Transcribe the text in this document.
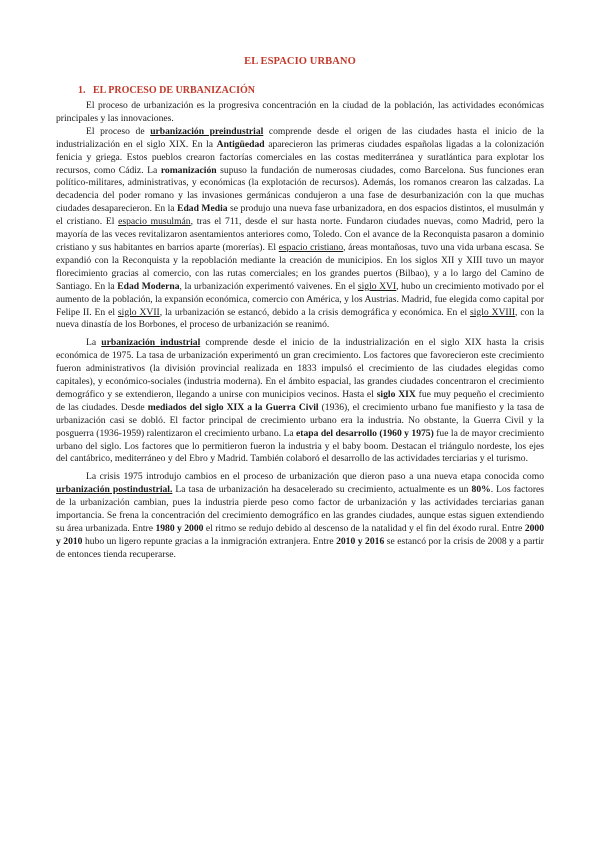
EL ESPACIO URBANO
1. EL PROCESO DE URBANIZACIÓN

El proceso de urbanización es la progresiva concentración en la ciudad de la población, las actividades económicas principales y las innovaciones.

El proceso de urbanización preindustrial comprende desde el origen de las ciudades hasta el inicio de la industrialización en el siglo XIX. En la Antigüedad aparecieron las primeras ciudades españolas ligadas a la colonización fenicia y griega. Estos pueblos crearon factorías comerciales en las costas mediterránea y suratlántica para explotar los recursos, como Cádiz. La romanización supuso la fundación de numerosas ciudades, como Barcelona. Sus funciones eran político-militares, administrativas, y económicas (la explotación de recursos). Además, los romanos crearon las calzadas. La decadencia del poder romano y las invasiones germánicas condujeron a una fase de desurbanización con la que muchas ciudades desaparecieron. En la Edad Media se produjo una nueva fase urbanizadora, en dos espacios distintos, el musulmán y el cristiano. El espacio musulmán, tras el 711, desde el sur hasta norte. Fundaron ciudades nuevas, como Madrid, pero la mayoría de las veces revitalizaron asentamientos anteriores como, Toledo. Con el avance de la Reconquista pasaron a dominio cristiano y sus habitantes en barrios aparte (morerías). El espacio cristiano, áreas montañosas, tuvo una vida urbana escasa. Se expandió con la Reconquista y la repoblación mediante la creación de municipios. En los siglos XII y XIII tuvo un mayor florecimiento gracias al comercio, con las rutas comerciales; en los grandes puertos (Bilbao), y a lo largo del Camino de Santiago. En la Edad Moderna, la urbanización experimentó vaivenes. En el siglo XVI, hubo un crecimiento motivado por el aumento de la población, la expansión económica, comercio con América, y los Austrias. Madrid, fue elegida como capital por Felipe II. En el siglo XVII, la urbanización se estancó, debido a la crisis demográfica y económica. En el siglo XVIII, con la nueva dinastía de los Borbones, el proceso de urbanización se reanimó.

La urbanización industrial comprende desde el inicio de la industrialización en el siglo XIX hasta la crisis económica de 1975. La tasa de urbanización experimentó un gran crecimiento. Los factores que favorecieron este crecimiento fueron administrativos (la división provincial realizada en 1833 impulsó el crecimiento de las ciudades elegidas como capitales), y económico-sociales (industria moderna). En el ámbito espacial, las grandes ciudades concentraron el crecimiento demográfico y se extendieron, llegando a unirse con municipios vecinos. Hasta el siglo XIX fue muy pequeño el crecimiento de las ciudades. Desde mediados del siglo XIX a la Guerra Civil (1936), el crecimiento urbano fue manifiesto y la tasa de urbanización casi se dobló. El factor principal de crecimiento urbano era la industria. No obstante, la Guerra Civil y la posguerra (1936-1959) ralentizaron el crecimiento urbano. La etapa del desarrollo (1960 y 1975) fue la de mayor crecimiento urbano del siglo. Los factores que lo permitieron fueron la industria y el baby boom. Destacan el triángulo nordeste, los ejes del cantábrico, mediterráneo y del Ebro y Madrid. También colaboró el desarrollo de las actividades terciarias y el turismo.

La crisis 1975 introdujo cambios en el proceso de urbanización que dieron paso a una nueva etapa conocida como urbanización postindustrial. La tasa de urbanización ha desacelerado su crecimiento, actualmente es un 80%. Los factores de la urbanización cambian, pues la industria pierde peso como factor de urbanización y las actividades terciarias ganan importancia. Se frena la concentración del crecimiento demográfico en las grandes ciudades, aunque estas siguen extendiendo su área urbanizada. Entre 1980 y 2000 el ritmo se redujo debido al descenso de la natalidad y el fin del éxodo rural. Entre 2000 y 2010 hubo un ligero repunte gracias a la inmigración extranjera. Entre 2010 y 2016 se estancó por la crisis de 2008 y a partir de entonces tienda recuperarse.
